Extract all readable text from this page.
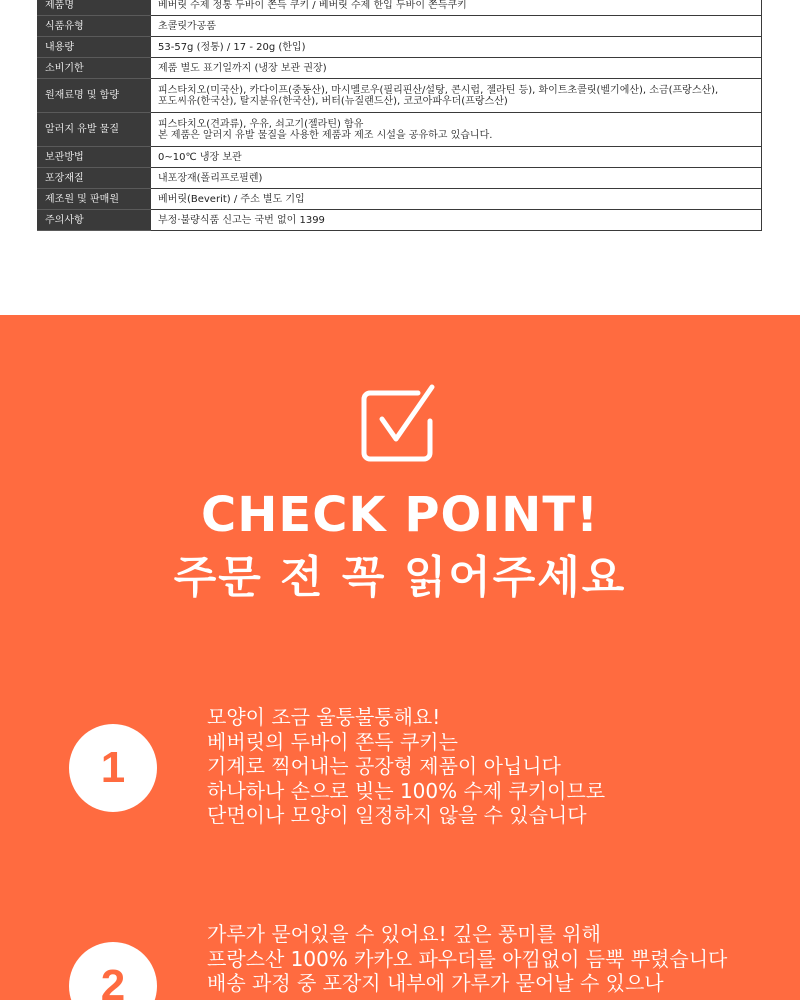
제품명	베버릿 수제 정통 두바이 쫀득 쿠키 / 베버릿 수제 한입 두바이 쫀득쿠키

식품유형	초콜릿가공품

내용량	53-57g (정통) / 17 - 20g (한입)

소비기한	제품 별도 표기일까지 (냉장 보관 권장)

원재료명 및 함량	피스타치오(미국산), 카다이프(중동산), 마시멜로우(필리핀산/설탕, 콘시럽, 젤라틴 등), 화이트초콜릿(벨기에산), 소금(프랑스산),
포도씨유(한국산), 탈지분유(한국산), 버터(뉴질랜드산), 코코아파우더(프랑스산)

알러지 유발 물질	피스타치오(견과류), 우유, 쇠고기(젤라틴) 함유
본 제품은 알러지 유발 물질을 사용한 제품과 제조 시설을 공유하고 있습니다.

보관방법	0~10℃ 냉장 보관

포장재질	내포장재(폴리프로필렌)

제조원 및 판매원	베버릿(Beverit) / 주소 별도 기입

주의사항	부정·불량식품 신고는 국번 없이 1399
CHECK POINT!
주문 전 꼭 읽어주세요
1
모양이 조금 울퉁불퉁해요!
베버릿의 두바이 쫀득 쿠키는
기계로 찍어내는 공장형 제품이 아닙니다
하나하나 손으로 빚는 100% 수제 쿠키이므로
단면이나 모양이 일정하지 않을 수 있습니다
2
가루가 묻어있을 수 있어요! 깊은 풍미를 위해
프랑스산 100% 카카오 파우더를 아낌없이 듬뿍 뿌렸습니다
배송 과정 중 포장지 내부에 가루가 묻어날 수 있으나
